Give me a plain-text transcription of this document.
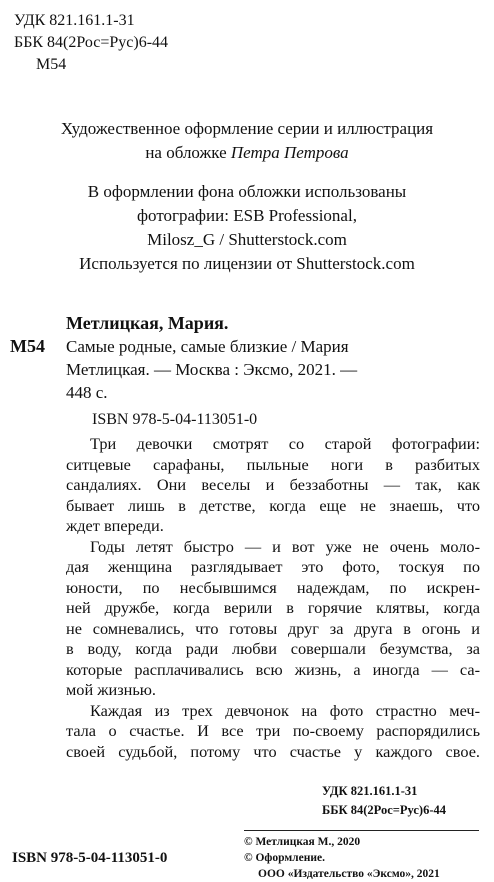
УДК 821.161.1-31
ББК 84(2Рос=Рус)6-44
М54
Художественное оформление серии и иллюстрация
на обложке Петра Петрова
В оформлении фона обложки использованы
фотографии: ESB Professional,
Milosz_G / Shutterstock.com
Используется по лицензии от Shutterstock.com
Метлицкая, Мария.
М54 Самые родные, самые близкие / Мария
Метлицкая. — Москва : Эксмо, 2021. —
448 с.
ISBN 978-5-04-113051-0
Три девочки смотрят со старой фотографии:
ситцевые сарафаны, пыльные ноги в разбитых
сандалиях. Они веселы и беззаботны — так, как
бывает лишь в детстве, когда еще не знаешь, что
ждет впереди.
Годы летят быстро — и вот уже не очень моло-
дая женщина разглядывает это фото, тоскуя по
юности, по несбывшимся надеждам, по искрен-
ней дружбе, когда верили в горячие клятвы, когда
не сомневались, что готовы друг за друга в огонь и
в воду, когда ради любви совершали безумства, за
которые расплачивались всю жизнь, а иногда — са-
мой жизнью.
Каждая из трех девчонок на фото страстно меч-
тала о счастье. И все три по-своему распорядились
своей судьбой, потому что счастье у каждого свое.
УДК 821.161.1-31
ББК 84(2Рос=Рус)6-44
© Метлицкая М., 2020
© Оформление.
ООО «Издательство «Эксмо», 2021
ISBN 978-5-04-113051-0
